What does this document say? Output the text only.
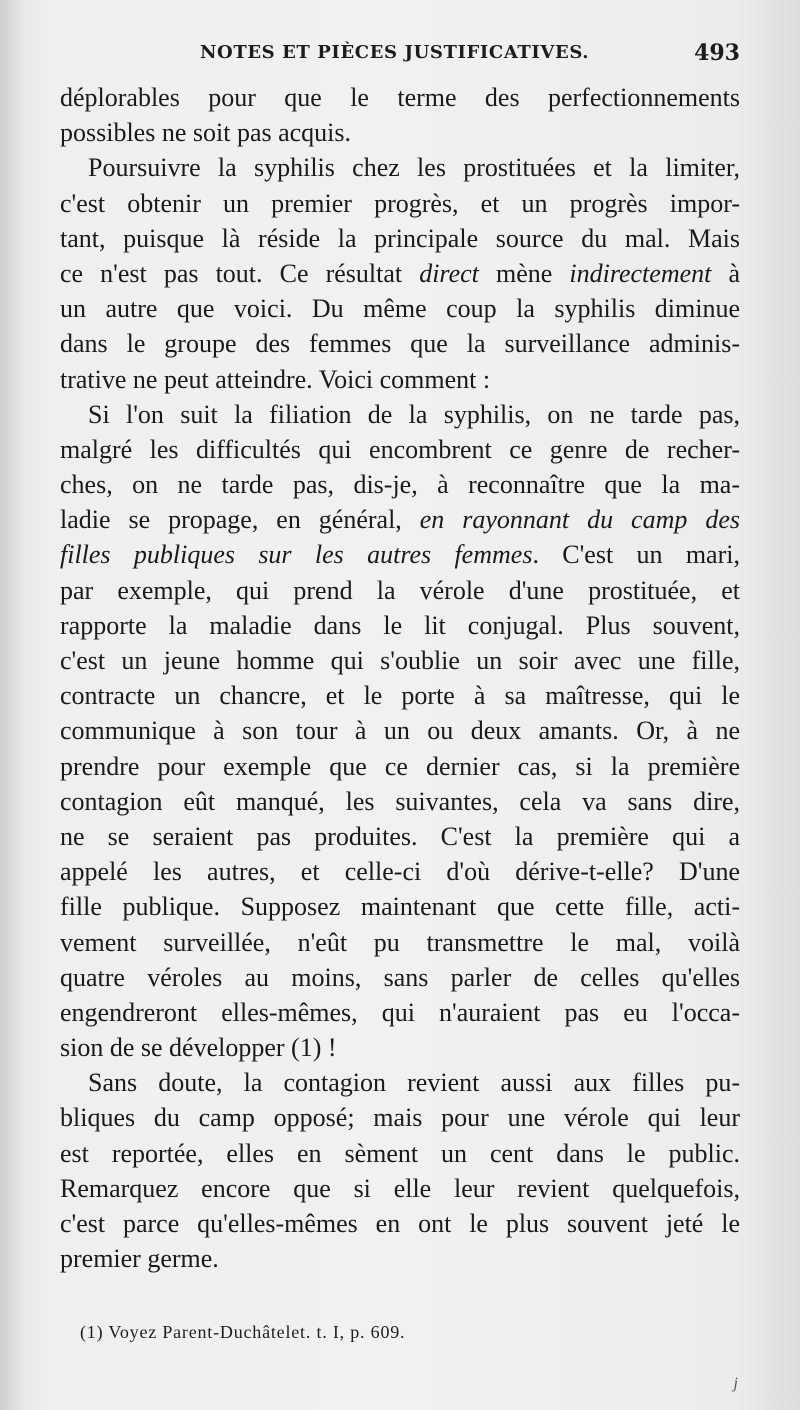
NOTES ET PIÈCES JUSTIFICATIVES.	493
déplorables pour que le terme des perfectionnements
possibles ne soit pas acquis.
Poursuivre la syphilis chez les prostituées et la limiter,
c'est obtenir un premier progrès, et un progrès impor-
tant, puisque là réside la principale source du mal. Mais
ce n'est pas tout. Ce résultat direct mène indirectement à
un autre que voici. Du même coup la syphilis diminue
dans le groupe des femmes que la surveillance adminis-
trative ne peut atteindre. Voici comment :
Si l'on suit la filiation de la syphilis, on ne tarde pas,
malgré les difficultés qui encombrent ce genre de recher-
ches, on ne tarde pas, dis-je, à reconnaître que la ma-
ladie se propage, en général, en rayonnant du camp des
filles publiques sur les autres femmes. C'est un mari,
par exemple, qui prend la vérole d'une prostituée, et
rapporte la maladie dans le lit conjugal. Plus souvent,
c'est un jeune homme qui s'oublie un soir avec une fille,
contracte un chancre, et le porte à sa maîtresse, qui le
communique à son tour à un ou deux amants. Or, à ne
prendre pour exemple que ce dernier cas, si la première
contagion eût manqué, les suivantes, cela va sans dire,
ne se seraient pas produites. C'est la première qui a
appelé les autres, et celle-ci d'où dérive-t-elle? D'une
fille publique. Supposez maintenant que cette fille, acti-
vement surveillée, n'eût pu transmettre le mal, voilà
quatre véroles au moins, sans parler de celles qu'elles
engendreront elles-mêmes, qui n'auraient pas eu l'occa-
sion de se développer (1) !
Sans doute, la contagion revient aussi aux filles pu-
bliques du camp opposé; mais pour une vérole qui leur
est reportée, elles en sèment un cent dans le public.
Remarquez encore que si elle leur revient quelquefois,
c'est parce qu'elles-mêmes en ont le plus souvent jeté le
premier germe.
(1) Voyez Parent-Duchâtelet. t. I, p. 609.
j
